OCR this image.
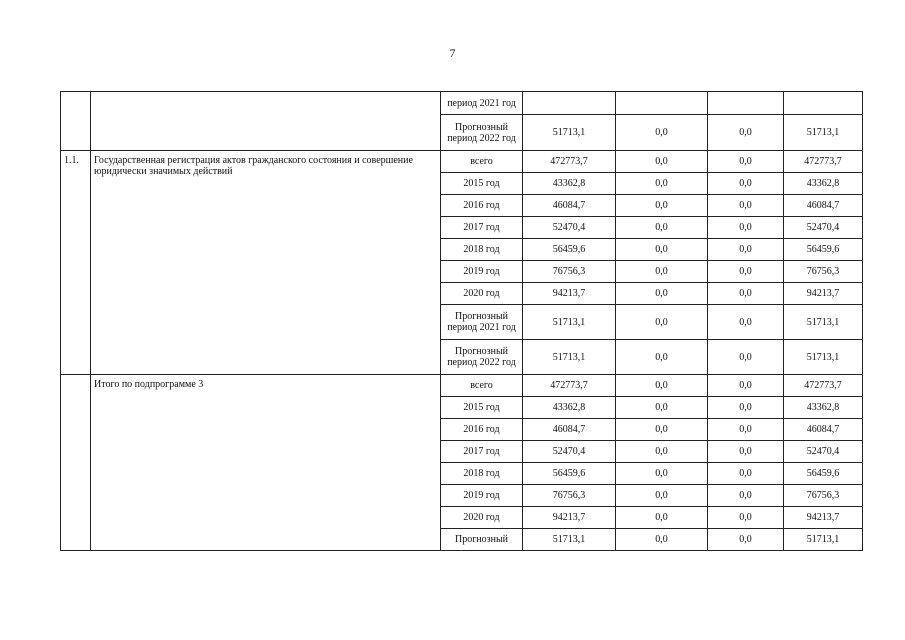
7
		период 2021 год				
		Прогнозный период 2022 год	51713,1	0,0	0,0	51713,1
1.1.	Государственная регистрация актов гражданского состояния и совершение юридически значимых действий	всего	472773,7	0,0	0,0	472773,7
		2015 год	43362,8	0,0	0,0	43362,8
		2016 год	46084,7	0,0	0,0	46084,7
		2017 год	52470,4	0,0	0,0	52470,4
		2018 год	56459,6	0,0	0,0	56459,6
		2019 год	76756,3	0,0	0,0	76756,3
		2020 год	94213,7	0,0	0,0	94213,7
		Прогнозный период 2021 год	51713,1	0,0	0,0	51713,1
		Прогнозный период 2022 год	51713,1	0,0	0,0	51713,1
	Итого по подпрограмме 3	всего	472773,7	0,0	0,0	472773,7
		2015 год	43362,8	0,0	0,0	43362,8
		2016 год	46084,7	0,0	0,0	46084,7
		2017 год	52470,4	0,0	0,0	52470,4
		2018 год	56459,6	0,0	0,0	56459,6
		2019 год	76756,3	0,0	0,0	76756,3
		2020 год	94213,7	0,0	0,0	94213,7
		Прогнозный	51713,1	0,0	0,0	51713,1
